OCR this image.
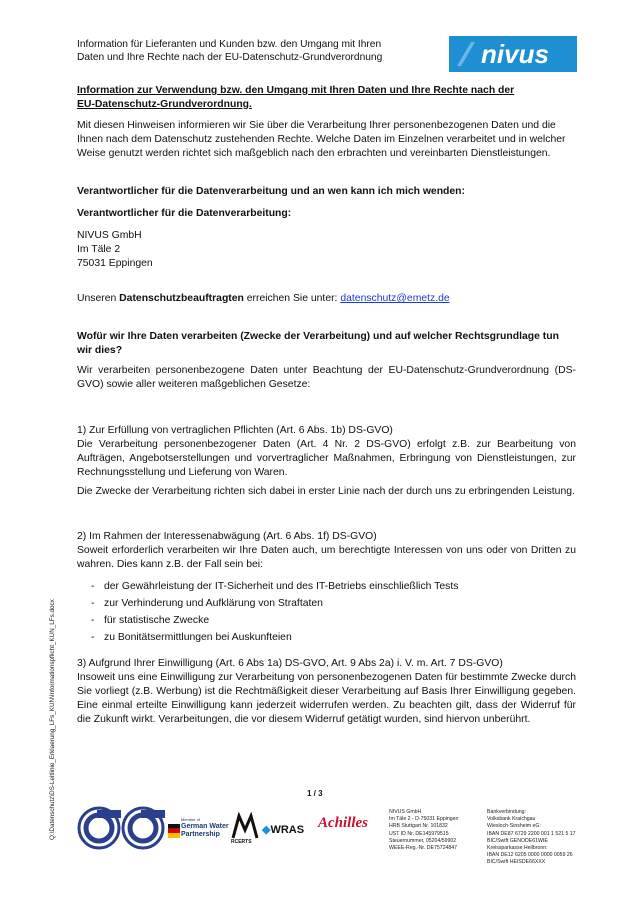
Information für Lieferanten und Kunden bzw. den Umgang mit Ihren
Daten und Ihre Rechte nach der EU-Datenschutz-Grundverordnung	nivus

Information zur Verwendung bzw. den Umgang mit Ihren Daten und Ihre Rechte nach der
EU-Datenschutz-Grundverordnung.

Mit diesen Hinweisen informieren wir Sie über die Verarbeitung Ihrer personenbezogenen Daten und die Ihnen nach dem Datenschutz zustehenden Rechte. Welche Daten im Einzelnen verarbeitet und in welcher Weise genutzt werden richtet sich maßgeblich nach den erbrachten und vereinbarten Dienstleistungen.

Verantwortlicher für die Datenverarbeitung und an wen kann ich mich wenden:

Verantwortlicher für die Datenverarbeitung:

NIVUS GmbH
Im Täle 2
75031 Eppingen

Unseren Datenschutzbeauftragten erreichen Sie unter: datenschutz@emetz.de

Wofür wir Ihre Daten verarbeiten (Zwecke der Verarbeitung) und auf welcher Rechtsgrundlage tun wir dies?

Wir verarbeiten personenbezogene Daten unter Beachtung der EU-Datenschutz-Grundverordnung (DS-GVO) sowie aller weiteren maßgeblichen Gesetze:

1) Zur Erfüllung von vertraglichen Pflichten (Art. 6 Abs. 1b) DS-GVO)

Die Verarbeitung personenbezogener Daten (Art. 4 Nr. 2 DS-GVO) erfolgt z.B. zur Bearbeitung von Aufträgen, Angebotserstellungen und vorvertraglicher Maßnahmen, Erbringung von Dienstleistungen, zur Rechnungsstellung und Lieferung von Waren.

Die Zwecke der Verarbeitung richten sich dabei in erster Linie nach der durch uns zu erbringenden Leistung.

2) Im Rahmen der Interessenabwägung (Art. 6 Abs. 1f) DS-GVO)

Soweit erforderlich verarbeiten wir Ihre Daten auch, um berechtigte Interessen von uns oder von Dritten zu wahren. Dies kann z.B. der Fall sein bei:

- der Gewährleistung der IT-Sicherheit und des IT-Betriebs einschließlich Tests
- zur Verhinderung und Aufklärung von Straftaten
- für statistische Zwecke
- zu Bonitätsermittlungen bei Auskunfteien

3) Aufgrund Ihrer Einwilligung (Art. 6 Abs 1a) DS-GVO, Art. 9 Abs 2a) i. V. m. Art. 7 DS-GVO)

Insoweit uns eine Einwilligung zur Verarbeitung von personenbezogenen Daten für bestimmte Zwecke durch Sie vorliegt (z.B. Werbung) ist die Rechtmäßigkeit dieser Verarbeitung auf Basis Ihrer Einwilligung gegeben. Eine einmal erteilte Einwilligung kann jederzeit widerrufen werden. Zu beachten gilt, dass der Widerruf für die Zukunft wirkt. Verarbeitungen, die vor diesem Widerruf getätigt wurden, sind hiervon unberührt.

Q:\Datenschutz\DS-Leitlinie_Erklaerung_LFs_KUN\Informationspflicht_KUN_LFs.docx	1 / 3
Member of
German Water
Partnership
RCERTS
◆WRAS Achilles
NIVUS GmbH
Im Täle 2 - D-75031 Eppingen
HRB Stuttgart Nr. 101832
UST ID Nr. DE145979515
Steuernummer, 05204/59902
WEEE-Reg.-Nr. DE75724847
Bankverbindung:
Volksbank Kraichgau
Wiesloch-Sinsheim eG:
IBAN DE87 6729 2200 001 1 521 5 17
BIC/Swift GENODE61WIE
Kreissparkasse Heilbronn:
IBAN DE12 6205 0000 0000 0059 26
BIC/Swift HEISDE66XXX
